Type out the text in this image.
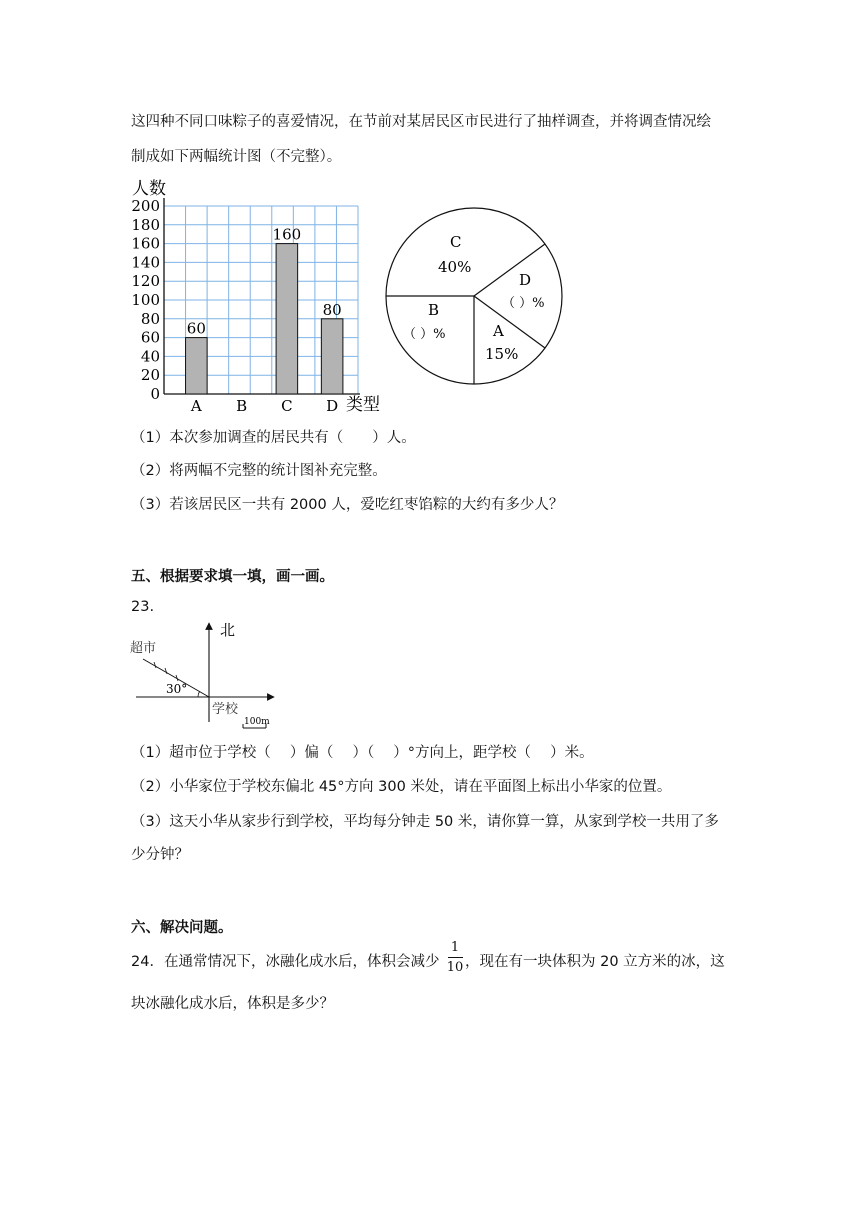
这四种不同口味粽子的喜爱情况，在节前对某居民区市民进行了抽样调查，并将调查情况绘
制成如下两幅统计图（不完整）。
人数
类型
0
20
40
60
80
100
120
140
160
180
200
60
160
80
A B C D
C
40%
D
（ ）%
A
15%
B
（ ）%
（1）本次参加调查的居民共有（　　）人。
（2）将两幅不完整的统计图补充完整。
（3）若该居民区一共有 2000 人，爱吃红枣馅粽的大约有多少人？
五、根据要求填一填，画一画。
23.
北
超市
30°
学校
100m
（1）超市位于学校（　 ）偏（　 ）（　 ）°方向上，距学校（　 ）米。
（2）小华家位于学校东偏北 45°方向 300 米处，请在平面图上标出小华家的位置。
（3）这天小华从家步行到学校，平均每分钟走 50 米，请你算一算，从家到学校一共用了多
少分钟？
六、解决问题。
24．在通常情况下，冰融化成水后，体积会减少
1
10 ，现在有一块体积为 20 立方米的冰，这
块冰融化成水后，体积是多少？
